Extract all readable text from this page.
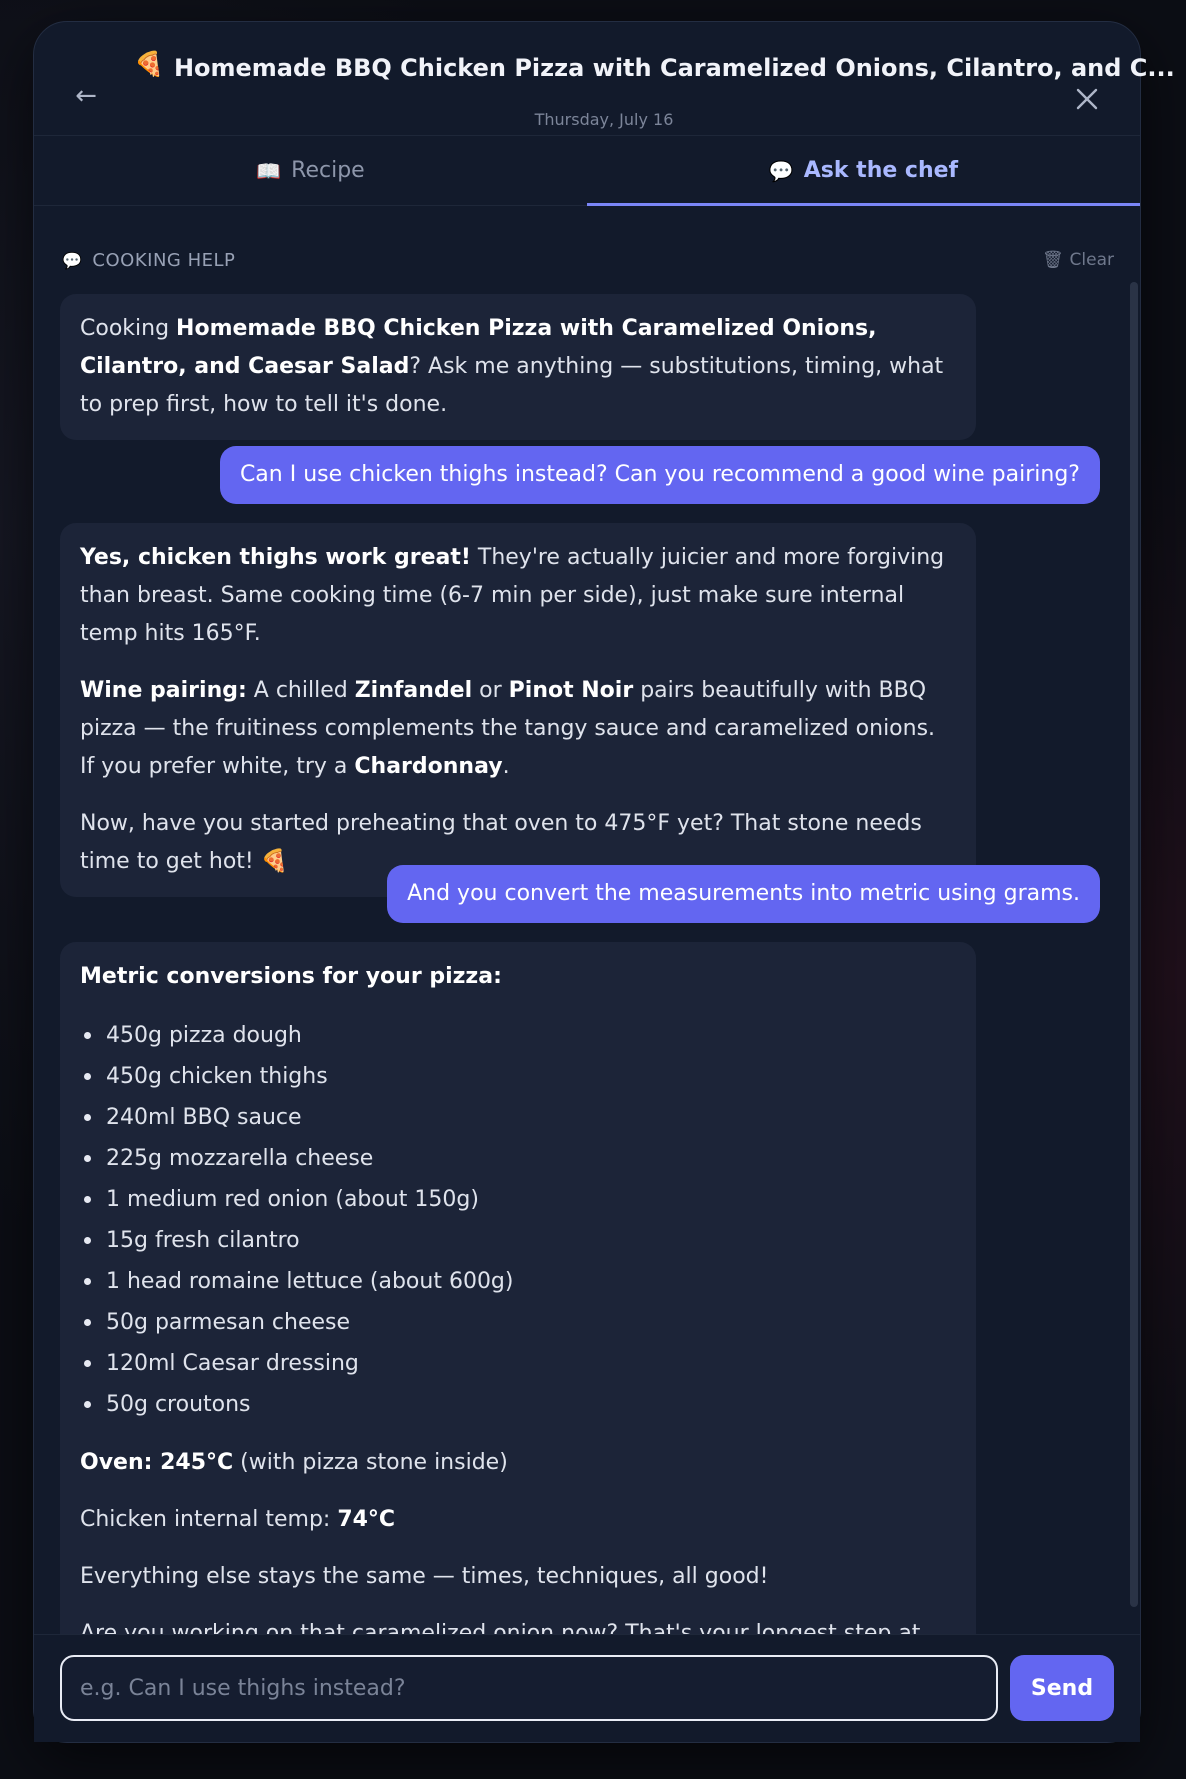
←
🍕 Homemade BBQ Chicken Pizza with Caramelized Onions, Cilantro, and C...
Thursday, July 16
📖 Recipe	💬 Ask the chef
💬 COOKING HELP	🗑 Clear

Cooking Homemade BBQ Chicken Pizza with Caramelized Onions, Cilantro, and Caesar Salad? Ask me anything — substitutions, timing, what to prep first, how to tell it's done.

Can I use chicken thighs instead? Can you recommend a good wine pairing?

Yes, chicken thighs work great! They're actually juicier and more forgiving than breast. Same cooking time (6-7 min per side), just make sure internal temp hits 165°F.

Wine pairing: A chilled Zinfandel or Pinot Noir pairs beautifully with BBQ pizza — the fruitiness complements the tangy sauce and caramelized onions. If you prefer white, try a Chardonnay.

Now, have you started preheating that oven to 475°F yet? That stone needs time to get hot! 🍕

And you convert the measurements into metric using grams.

Metric conversions for your pizza:

450g pizza dough
450g chicken thighs
240ml BBQ sauce
225g mozzarella cheese
1 medium red onion (about 150g)
15g fresh cilantro
1 head romaine lettuce (about 600g)
50g parmesan cheese
120ml Caesar dressing
50g croutons

Oven: 245°C (with pizza stone inside)

Chicken internal temp: 74°C

Everything else stays the same — times, techniques, all good!

e.g. Can I use thighs instead?
Send
